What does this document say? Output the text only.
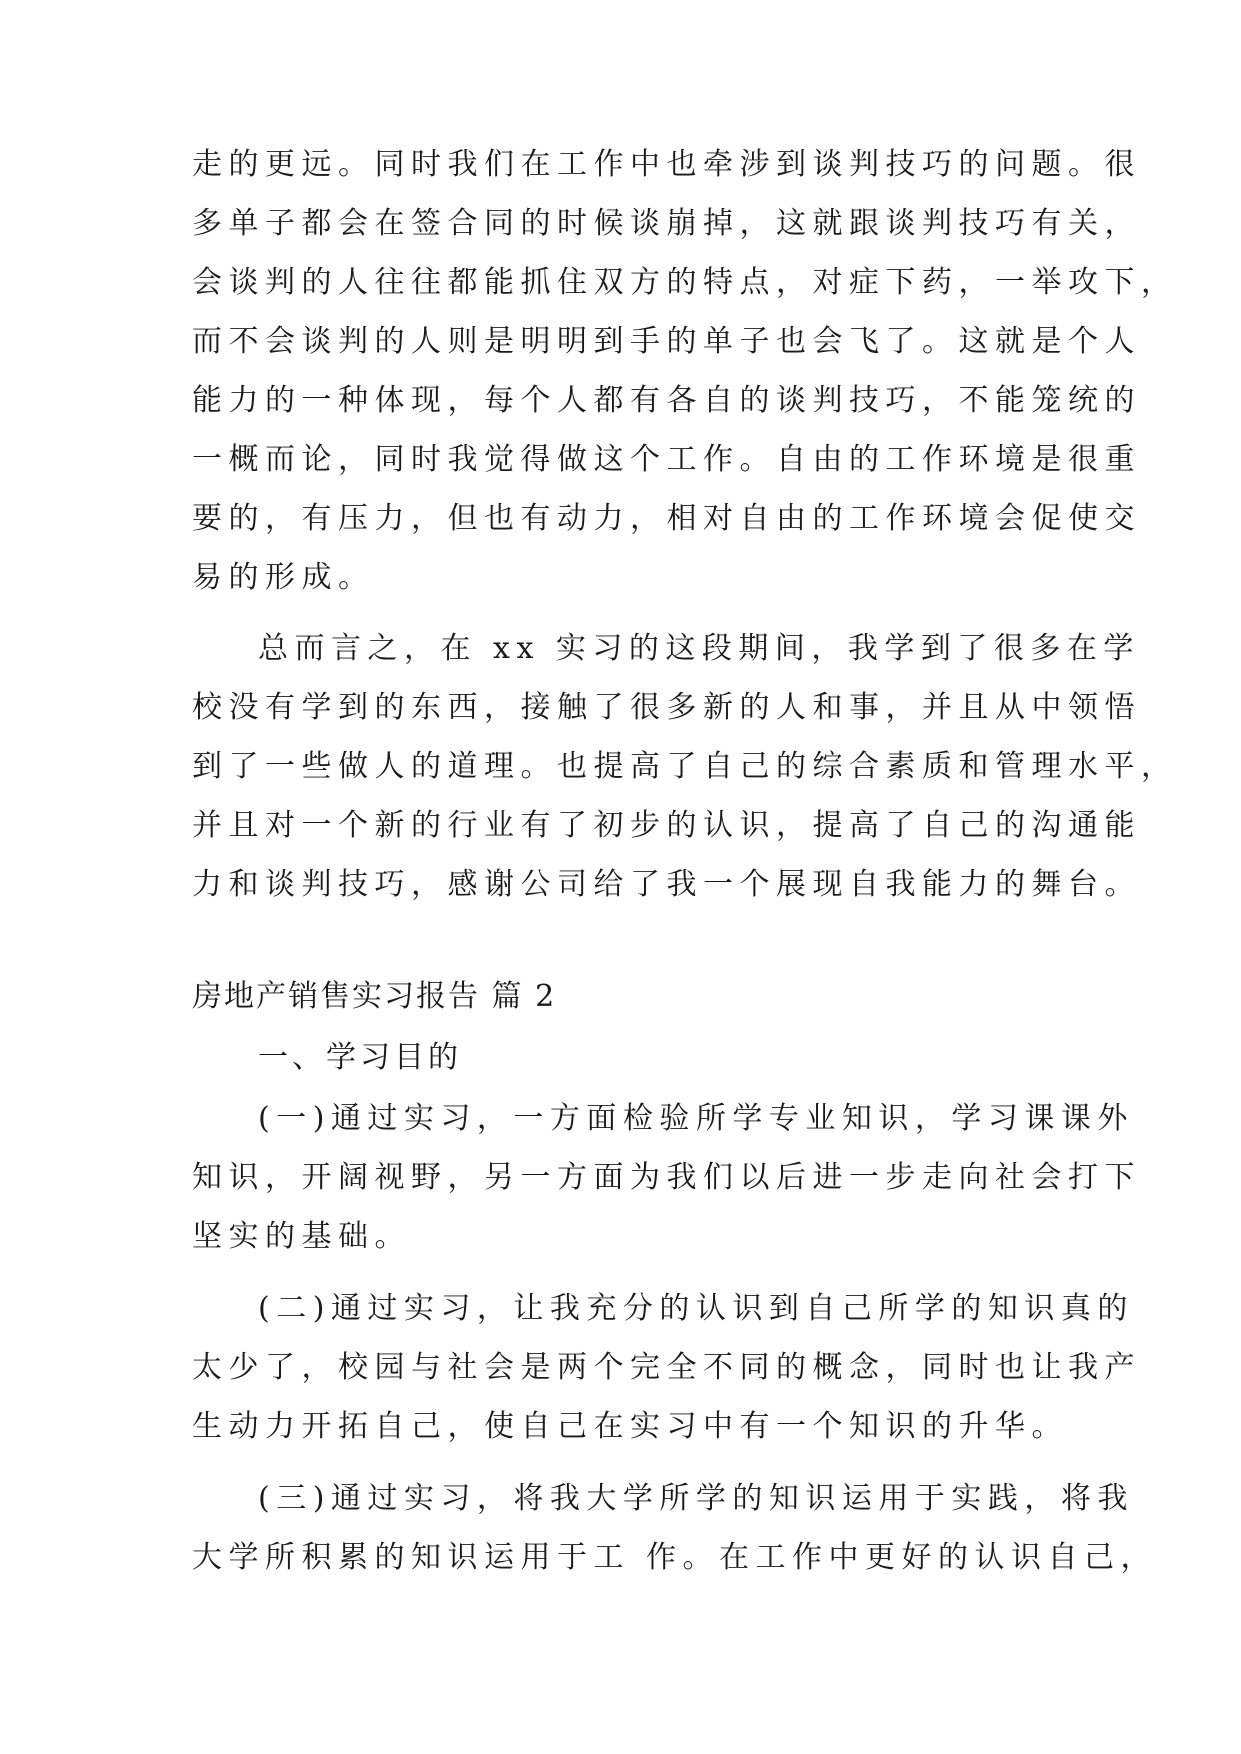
走的更远。同时我们在工作中也牵涉到谈判技巧的问题。很
多单子都会在签合同的时候谈崩掉，这就跟谈判技巧有关，
会谈判的人往往都能抓住双方的特点，对症下药，一举攻下，
而不会谈判的人则是明明到手的单子也会飞了。这就是个人
能力的一种体现，每个人都有各自的谈判技巧，不能笼统的
一概而论，同时我觉得做这个工作。自由的工作环境是很重
要的，有压力，但也有动力，相对自由的工作环境会促使交
易的形成。
总而言之，在 xx 实习的这段期间，我学到了很多在学
校没有学到的东西，接触了很多新的人和事，并且从中领悟
到了一些做人的道理。也提高了自己的综合素质和管理水平，
并且对一个新的行业有了初步的认识，提高了自己的沟通能
力和谈判技巧，感谢公司给了我一个展现自我能力的舞台。
房地产销售实习报告 篇 2
一、学习目的
(一)通过实习，一方面检验所学专业知识，学习课课外
知识，开阔视野，另一方面为我们以后进一步走向社会打下
坚实的基础。
(二)通过实习，让我充分的认识到自己所学的知识真的
太少了，校园与社会是两个完全不同的概念，同时也让我产
生动力开拓自己，使自己在实习中有一个知识的升华。
(三)通过实习，将我大学所学的知识运用于实践，将我
大学所积累的知识运用于工 作。在工作中更好的认识自己，
